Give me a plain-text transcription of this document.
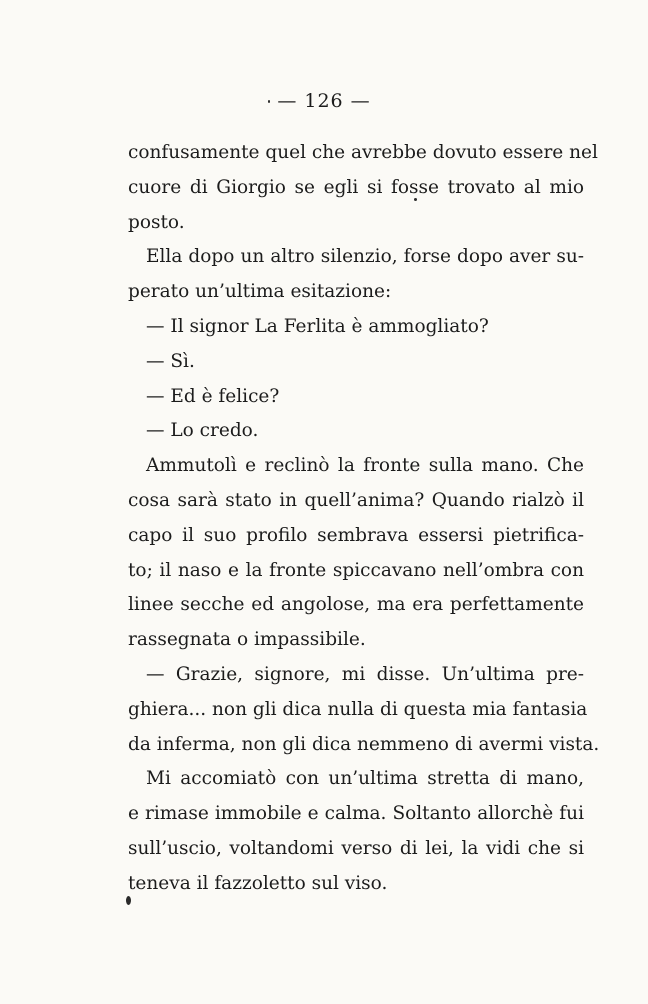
— 126 —
confusamente quel che avrebbe dovuto essere nel
cuore di Giorgio se egli si fosse trovato al mio
posto.
Ella dopo un altro silenzio, forse dopo aver su-
perato un’ultima esitazione:
— Il signor La Ferlita è ammogliato?
— Sì.
— Ed è felice?
— Lo credo.
Ammutolì e reclinò la fronte sulla mano. Che
cosa sarà stato in quell’anima? Quando rialzò il
capo il suo profilo sembrava essersi pietrifica-
to; il naso e la fronte spiccavano nell’ombra con
linee secche ed angolose, ma era perfettamente
rassegnata o impassibile.
— Grazie, signore, mi disse. Un’ultima pre-
ghiera... non gli dica nulla di questa mia fantasia
da inferma, non gli dica nemmeno di avermi vista.
Mi accomiatò con un’ultima stretta di mano,
e rimase immobile e calma. Soltanto allorchè fui
sull’uscio, voltandomi verso di lei, la vidi che si
teneva il fazzoletto sul viso.
